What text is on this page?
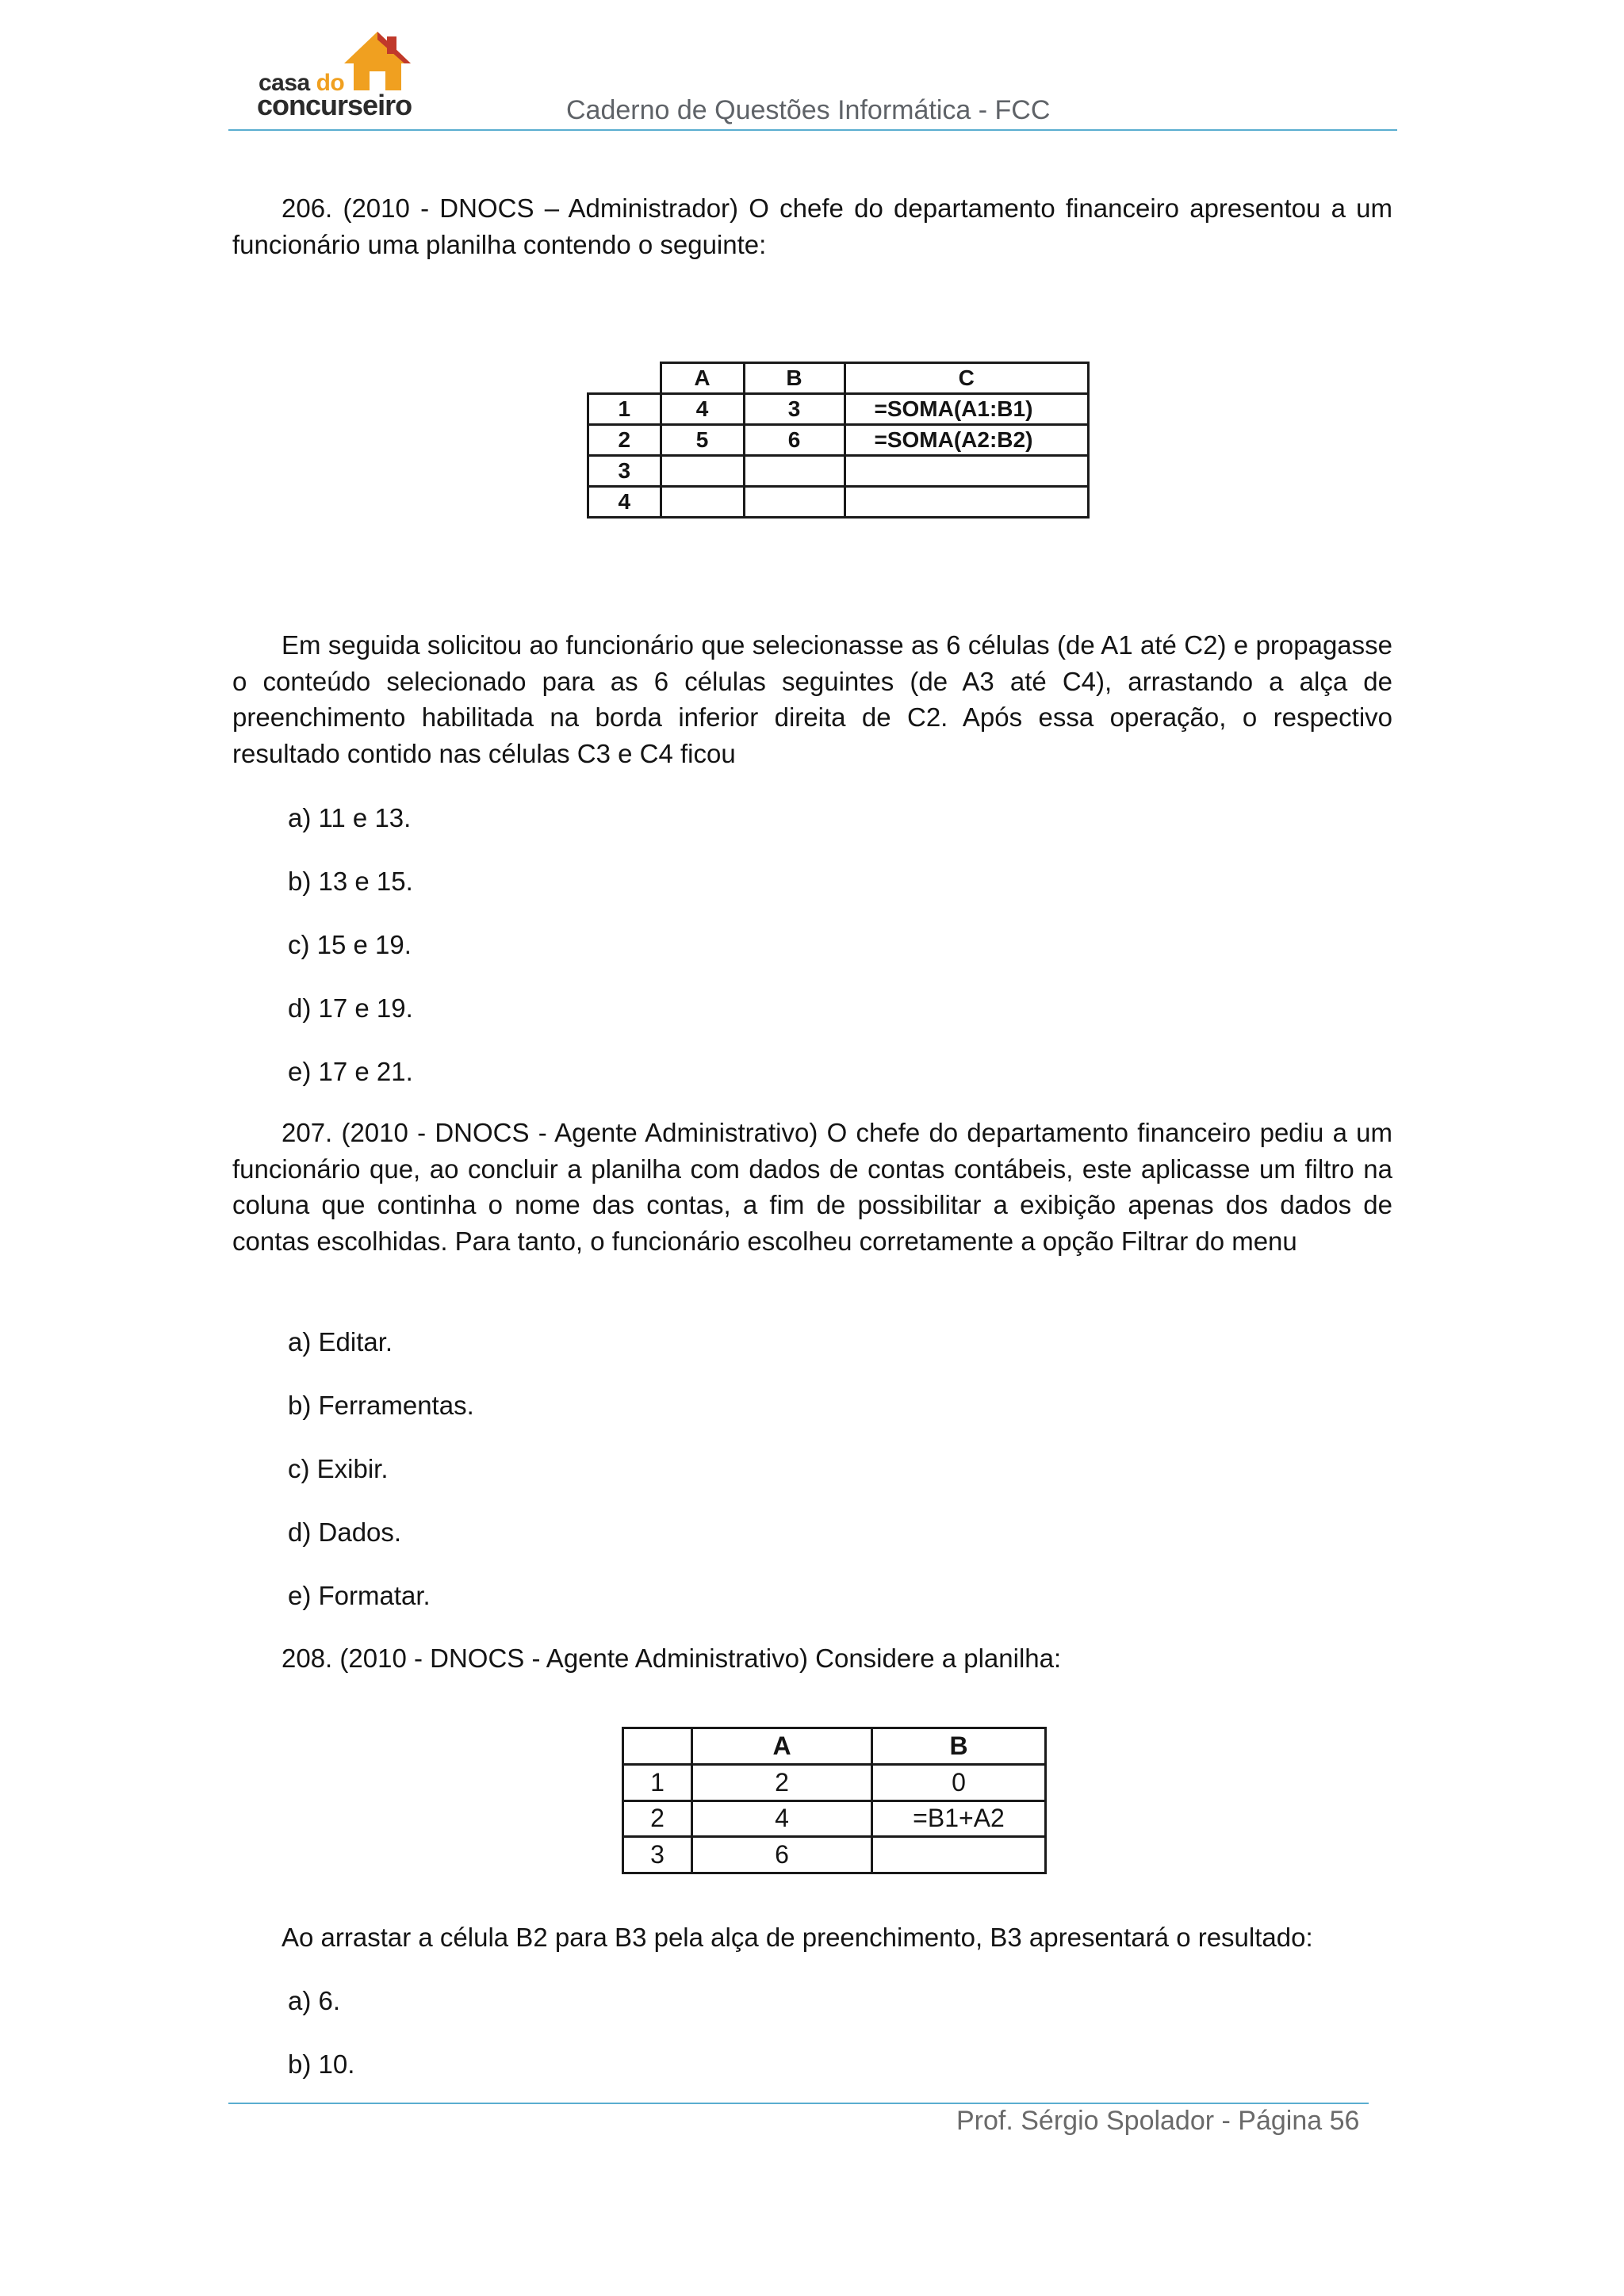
casa do
concurseiro	Caderno de Questões Informática - FCC

206. (2010 - DNOCS – Administrador) O chefe do departamento financeiro apresentou a um funcionário uma planilha contendo o seguinte:

	A	B	C
1	4	3	=SOMA(A1:B1)
2	5	6	=SOMA(A2:B2)
3			
4			

Em seguida solicitou ao funcionário que selecionasse as 6 células (de A1 até C2) e propagasse o conteúdo selecionado para as 6 células seguintes (de A3 até C4), arrastando a alça de preenchimento habilitada na borda inferior direita de C2. Após essa operação, o respectivo resultado contido nas células C3 e C4 ficou

a) 11 e 13.
b) 13 e 15.
c) 15 e 19.
d) 17 e 19.
e) 17 e 21.

207. (2010 - DNOCS - Agente Administrativo) O chefe do departamento financeiro pediu a um funcionário que, ao concluir a planilha com dados de contas contábeis, este aplicasse um filtro na coluna que continha o nome das contas, a fim de possibilitar a exibição apenas dos dados de contas escolhidas. Para tanto, o funcionário escolheu corretamente a opção Filtrar do menu

a) Editar.
b) Ferramentas.
c) Exibir.
d) Dados.
e) Formatar.

208. (2010 - DNOCS - Agente Administrativo) Considere a planilha:

	A	B
1	2	0
2	4	=B1+A2
3	6	
Ao arrastar a célula B2 para B3 pela alça de preenchimento, B3 apresentará o resultado:
a) 6.
b) 10.
Prof. Sérgio Spolador - Página 56
